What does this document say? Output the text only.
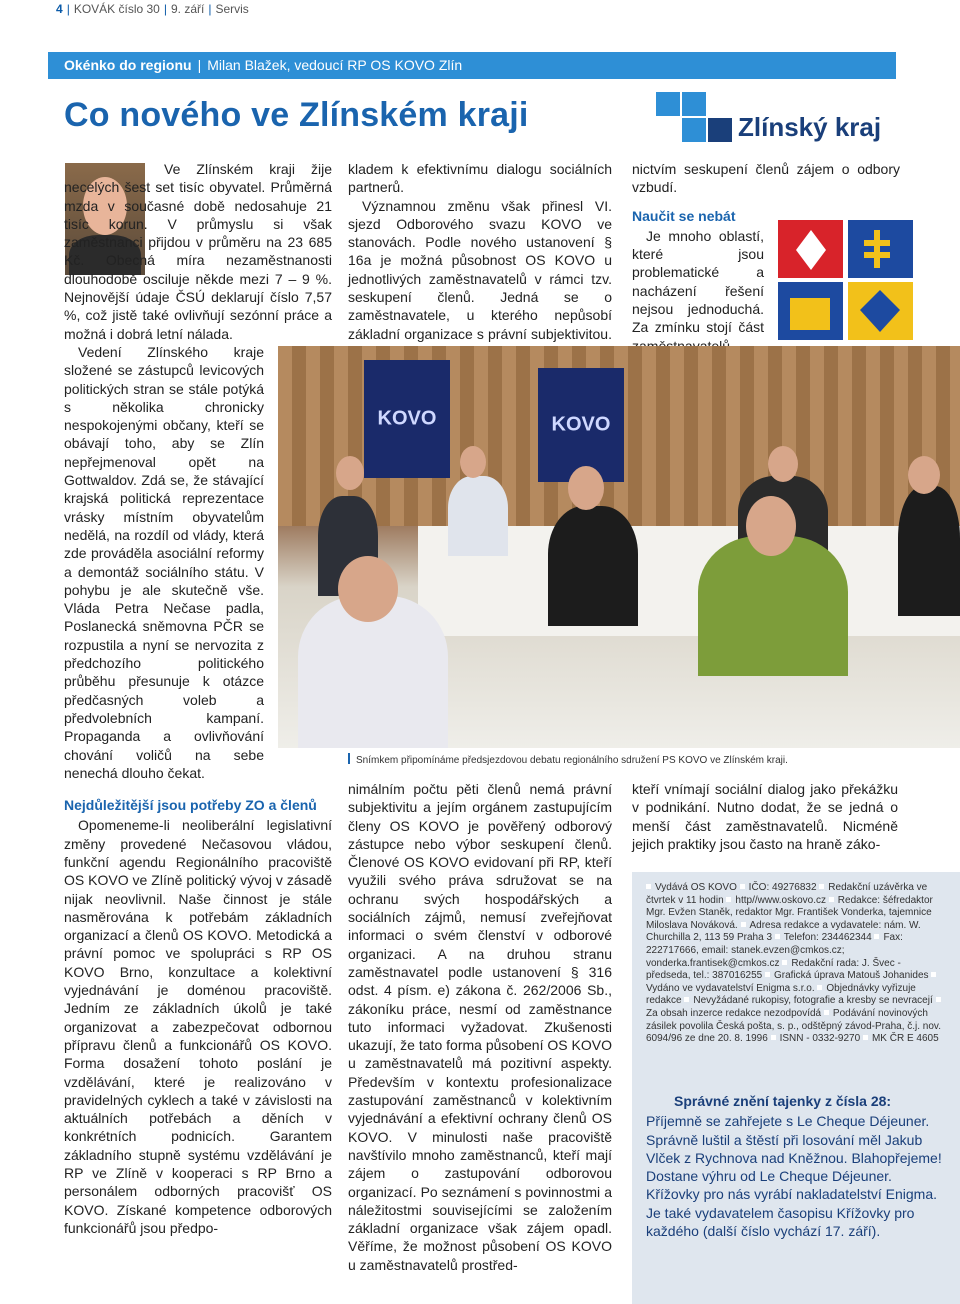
4 | KOVÁK číslo 30 | 9. září | Servis
Okénko do regionu | Milan Blažek, vedoucí RP OS KOVO Zlín
Co nového ve Zlínském kraji	Zlínský kraj

Ve Zlínském kraji žije necelých šest set tisíc obyvatel. Průměrná mzda v současné době nedosahuje 21 tisíc korun. V průmyslu si však zaměstnanci přijdou v průměru na 23 685 Kč. Obecná míra nezaměstnanosti dlouhodobě osciluje někde mezi 7 – 9 %. Nejnovější údaje ČSÚ deklarují číslo 7,57 %, což jistě také ovlivňují sezónní práce a možná i dobrá letní nálada.

Vedení Zlínského kraje složené se zástupců levicových politických stran se stále potýká s několika chronicky nespokojenými občany, kteří se obávají toho, aby se Zlín nepřejmenoval opět na Gottwaldov. Zdá se, že stávající krajská politická reprezentace vrásky místním obyvatelům nedělá, na rozdíl od vlády, která zde prováděla asociální reformy a demontáž sociálního státu. V pohybu je ale skutečně vše. Vláda Petra Nečase padla, Poslanecká sněmovna PČR se rozpustila a nyní se nervozita z předchozího politického průběhu přesunuje k otázce předčasných voleb a předvolebních kampaní. Propaganda a ovlivňování chování voličů na sebe nenechá dlouho čekat.

Nejdůležitější jsou potřeby ZO a členů

Opomeneme-li neoliberální legislativní změny provedené Nečasovou vládou, funkční agendu Regionálního pracoviště OS KOVO ve Zlíně politický vývoj v zásadě nijak neovlivnil. Naše činnost je stále nasměrována k potřebám základních organizací a členů OS KOVO. Metodická a právní pomoc ve spolupráci s RP OS KOVO Brno, konzultace a kolektivní vyjednávání je doménou pracoviště. Jedním ze základních úkolů je také organizovat a zabezpečovat odbornou přípravu členů a funkcionářů OS KOVO. Forma dosažení tohoto poslání je vzdělávání, které je realizováno v pravidelných cyklech a také v závislosti na aktuálních potřebách a děních v konkrétních podnicích. Garantem základního stupně systému vzdělávání je RP ve Zlíně v kooperaci s RP Brno a personálem odborných pracovišť OS KOVO. Získané kompetence odborových funkcionářů jsou předpo-

kladem k efektivnímu dialogu sociálních partnerů.

Významnou změnu však přinesl VI. sjezd Odborového svazu KOVO ve stanovách. Podle nového ustanovení § 16a je možná působnost OS KOVO u jednotlivých zaměstnavatelů v rámci tzv. seskupení členů. Jedná se o zaměstnavatele, u kterého nepůsobí základní organizace s právní subjektivitou.

nimálním počtu pěti členů nemá právní subjektivitu a jejím orgánem zastupujícím členy OS KOVO je pověřený odborový zástupce nebo výbor seskupení členů. Členové OS KOVO evidovaní při RP, kteří využili svého práva sdružovat se na ochranu svých hospodářských a sociálních zájmů, nemusí zveřejňovat informaci o svém členství v odborové organizaci. A na druhou stranu zaměstnavatel podle ustanovení § 316 odst. 4 písm. e) zákona č. 262/2006 Sb., zákoníku práce, nesmí od zaměstnance tuto informaci vyžadovat. Zkušenosti ukazují, že tato forma působení OS KOVO u zaměstnavatelů má pozitivní aspekty. Především v kontextu profesionalizace zastupování zaměstnanců v kolektivním vyjednávání a efektivní ochrany členů OS KOVO. V minulosti naše pracoviště navštívilo mnoho zaměstnanců, kteří mají zájem o zastupování odborovou organizací. Po seznámení s povinnostmi a náležitostmi souvisejícími se založením základní organizace však zájem opadl. Věříme, že možnost působení OS KOVO u zaměstnavatelů prostřed-

nictvím seskupení členů zájem o odbory vzbudí.

Naučit se nebát

Je mnoho oblastí, které jsou problematické a nacházení řešení nejsou jednoduchá. Za zmínku stojí část

kteří vnímají sociální dialog jako překážku v podnikání. Nutno dodat, že se jedná o menší část zaměstnavatelů. Nicméně jejich praktiky jsou často na hraně záko-

KOVO	KOVO
Snímkem připomínáme předsjezdovou debatu regionálního sdružení PS KOVO ve Zlínském kraji.
Vydává OS KOVO IČO: 49276832 Redakční uzávěrka ve čtvrtek v 11 hodin http//www.oskovo.cz Redakce: šéfredaktor Mgr. Evžen Staněk, redaktor Mgr. František Vonderka, tajemnice Miloslava Nováková. Adresa redakce a vydavatele: nám. W. Churchilla 2, 113 59 Praha 3 Telefon: 234462344 Fax: 222717666, email: stanek.evzen@cmkos.cz; vonderka.frantisek@cmkos.cz Redakční rada: J. Švec - předseda, tel.: 387016255 Grafická úprava Matouš Johanides Vydáno ve vydavatelství Enigma s.r.o. Objednávky vyřizuje redakce Nevyžádané rukopisy, fotografie a kresby se nevracejí Za obsah inzerce redakce nezodpovídá Podávání novinových zásilek povolila Česká pošta, s. p., odštěpný závod-Praha, č.j. nov. 6094/96 ze dne 20. 8. 1996 ISNN - 0332-9270 MK ČR E 4605
Správné znění tajenky z čísla 28:
Příjemně se zahřejete s Le Cheque Déjeuner. Správně luštil a štěstí při losování měl Jakub Vlček z Rychnova nad Kněžnou. Blahopřejeme! Dostane výhru od Le Cheque Déjeuner. Křížovky pro nás vyrábí nakladatelství Enigma. Je také vydavatelem časopisu Křížovky pro každého (další číslo vychází 17. září).
